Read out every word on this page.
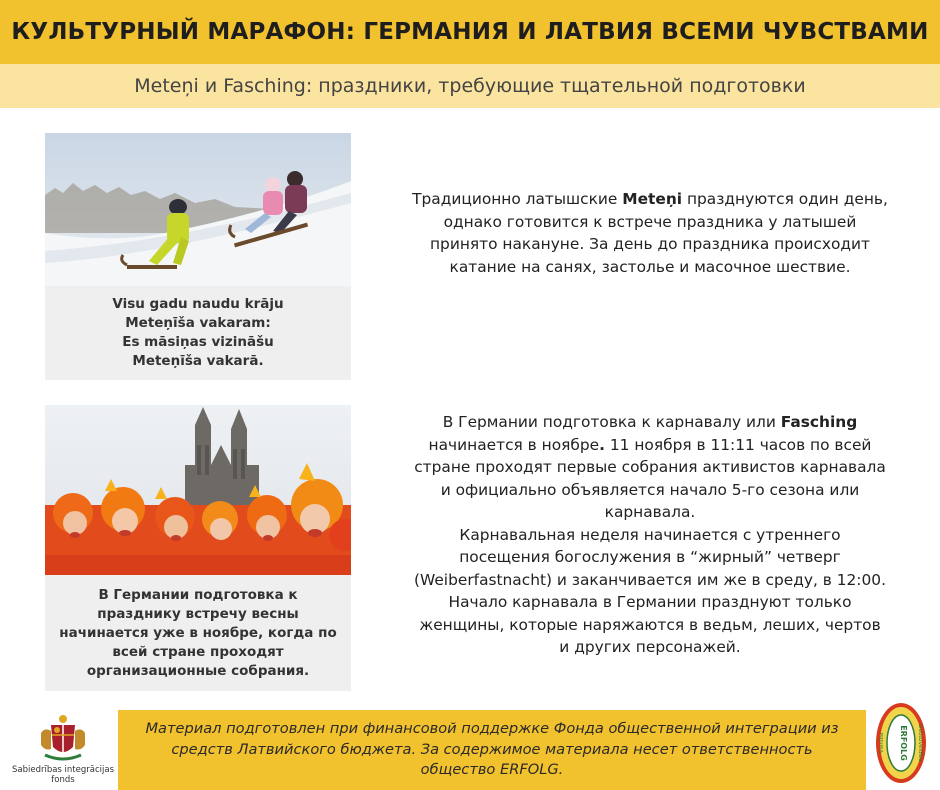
КУЛЬТУРНЫЙ МАРАФОН: ГЕРМАНИЯ И ЛАТВИЯ ВСЕМИ ЧУВСТВАМИ
Meteņi и Fasching: праздники, требующие тщательной подготовки
Visu gadu naudu krāju
Meteņīša vakaram:
Es māsiņas vizināšu
Meteņīša vakarā.
Традиционно латышские Meteņi празднуются один день, однако готовится к встрече праздника у латышей принято накануне. За день до праздника происходит катание на санях, застолье и масочное шествие.
В Германии подготовка к
празднику встречу весны
начинается уже в ноябре, когда по
всей стране проходят
организационные собрания.
В Германии подготовка к карнавалу или Fasching начинается в ноябре. 11 ноября в 11:11 часов по всей стране проходят первые собрания активистов карнавала и официально объявляется начало 5-го сезона или карнавала.
Карнавальная неделя начинается с утреннего посещения богослужения в “жирный” четверг (Weiberfastnacht) и заканчивается им же в среду, в 12:00. Начало карнавала в Германии празднуют только женщины, которые наряжаются в ведьм, леших, чертов и других персонажей.
Sabiedrības integrācijas
fonds

Материал подготовлен при финансовой поддержке Фонда общественной интеграции из средств Латвийского бюджета. За содержимое материала несет ответственность общество ERFOLG.

ERFOLG
Vienība	Daudzveidība
